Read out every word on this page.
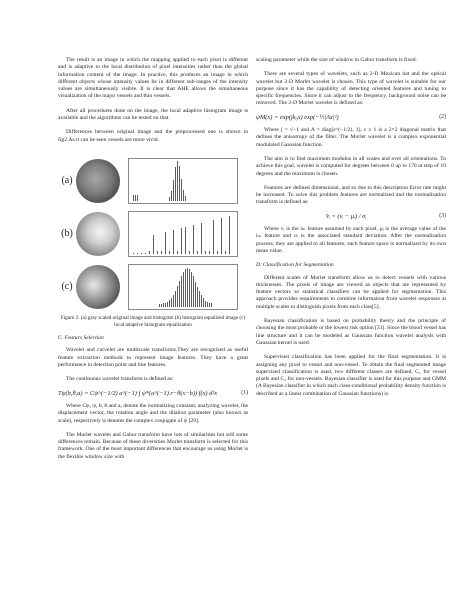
The result is an image in which the mapping applied to each pixel is different and is adaptive to the local distribution of pixel intensities rather than the global information content of the image. In practice, this produces an image in which different objects whose intensity values lie in different sub-ranges of the intensity values are simultaneously visible. It is clear that AHE allows the simultaneous visualization of the major vessels and thin vessels.

After all procedures done on the image, the local adaptive histogram image is available and the algorithms can be tested on that.

Differences between original image and the preprocessed one is shown in fig2.As it can be seen vessels are more vivid.

(a)
(b)
(c)

Figure 2. (a) gray scaled original image and histogram (b) histogram equalized image (c) local adaptive histogram equalization

C. Featurs Selection

Wavelet and curvelet are multiscale transforms.They are recognized as useful feature extraction methods to represent image features. They have a great performance in detection point and line features.

The continuous wavelet transform is defined as:

Tψ(b,θ,a) = Cψ^(−1/2) a^(−1) ∫ ψ*(a^(−1) r−θ(x−b)) f(x) d²x	(1)

Where Cψ, ψ, b, θ and a, denote the normalizing constant, analyzing wavelet, the displacement vector, the rotation angle and the dilation parameter (also known as scale), respectively ψ denotes the complex conjugate of ψ [29].

The Morlet wavelet and Gabor transform have lots of similarities but still some differences remain. Because of these diversities Morlet transform is selected for this framework. One of the most important differences that encourage us using Morlet is the flexible window size with

scaling parameter while the size of window in Gabor transform is fixed.

There are several types of wavelets, such as 2-D Mexican hat and the optical wavelet but 2-D Morlet wavelet is chosen. This type of wavelet is suitable for our purpose since it has the capability of detecting oriented features and tuning to specific frequencies. Since it can adjust to the frequency, background noise can be removed. The 2-D Morlet wavelet is defined as:

ψM(x) = exp(jk₀x) exp(−½|Ax|²)	(2)

Where j = √−1 and A = diag[ε^(−1/2), 1], ε ≥ 1 is a 2×2 diagonal matrix that defines the anisotropy of the filter. The Morlet wavelet is a complex exponential modulated Gaussian function.

The aim is to find maximum modulus in all scales and over all orientations. To achieve this goal, wavelet is computed for degrees between 0 up to 170 at step of 10 degrees and the maximum is chosen.

Features are defined dimensional, and so due to this description Error rate might be increased. To solve this problem features are normalized and the normalization transform is defined as:

v̂ᵢ = (vᵢ − μᵢ) / σᵢ	(3)

Where vᵢ is the iₜₕ feature assumed by each pixel, μᵢ is the average value of the iₜₕ feature and σᵢ is the associated standard deviation. After the normalization process, they are applied to all features; each feature space is normalized by its own mean value.

D. Classification for Segmentation

Different scales of Morlet transform allow us to detect vessels with various thicknesses. The pixels of image are viewed as objects that are represented by feature vectors so statistical classifiers can be applied for segmentation. This approach provides requirements to combine information from wavelet responses at multiple scales to distinguish pixels from each class[5].

Bayesian classification is based on probability theory and the principle of choosing the most probable or the lowest risk option [31]. Since the blood vessel has line structure and it can be modeled as Gaussian function wavelet analysis with Gaussian kernel is used.

Supervised classification has been applied for the final segmentation. It is assigning any pixel to vessel and non-vessel. To obtain the final segmented image supervised classification is used, two different classes are defined, C₁ for vessel pixels and C₂ for non-vessels. Bayesian classifier is used for this purpose and GMM (A Bayesian classifier in which each class-conditional probability density function is described as a linear combination of Gaussian functions) is
